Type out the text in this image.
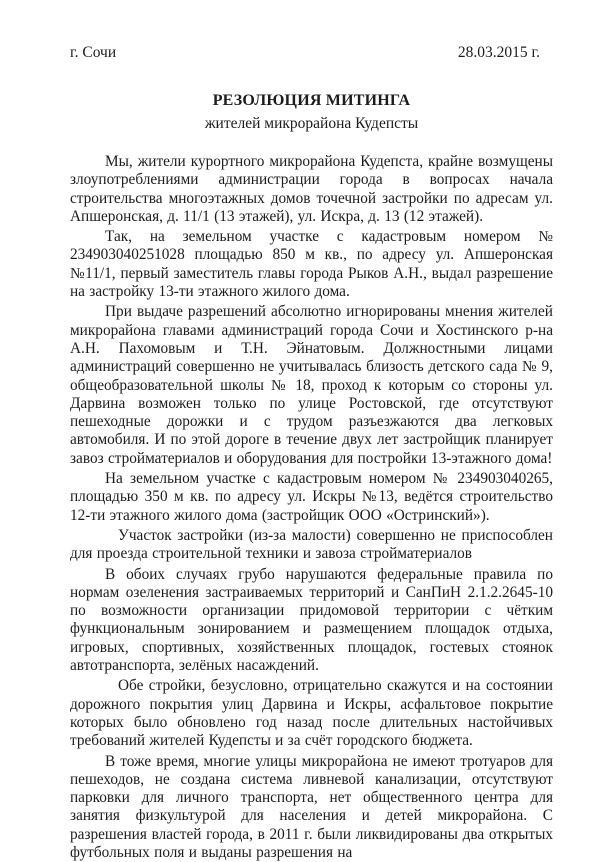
г. Сочи	28.03.2015 г.
РЕЗОЛЮЦИЯ МИТИНГА
жителей микрорайона Кудепсты

Мы, жители курортного микрорайона Кудепста, крайне возмущены злоупотреблениями администрации города в вопросах начала строительства многоэтажных домов точечной застройки по адресам ул. Апшеронская, д. 11/1 (13 этажей), ул. Искра, д. 13 (12 этажей).

Так, на земельном участке с кадастровым номером № 234903040251028 площадью 850 м кв., по адресу ул. Апшеронская №11/1, первый заместитель главы города Рыков А.Н., выдал разрешение на застройку 13-ти этажного жилого дома.

При выдаче разрешений абсолютно игнорированы мнения жителей микрорайона главами администраций города Сочи и Хостинского р-на А.Н. Пахомовым и Т.Н. Эйнатовым. Должностными лицами администраций совершенно не учитывалась близость детского сада № 9, общеобразовательной школы № 18, проход к которым со стороны ул. Дарвина возможен только по улице Ростовской, где отсутствуют пешеходные дорожки и с трудом разъезжаются два легковых автомобиля. И по этой дороге в течение двух лет застройщик планирует завоз стройматериалов и оборудования для постройки 13-этажного дома!

На земельном участке с кадастровым номером № 234903040265, площадью 350 м кв. по адресу ул. Искры №13, ведётся строительство 12-ти этажного жилого дома (застройщик ООО «Остринский»).

Участок застройки (из-за малости) совершенно не приспособлен для проезда строительной техники и завоза стройматериалов

В обоих случаях грубо нарушаются федеральные правила по нормам озеленения застраиваемых территорий и СанПиН 2.1.2.2645-10 по возможности организации придомовой территории с чётким функциональным зонированием и размещением площадок отдыха, игровых, спортивных, хозяйственных площадок, гостевых стоянок автотранспорта, зелёных насаждений.

Обе стройки, безусловно, отрицательно скажутся и на состоянии дорожного покрытия улиц Дарвина и Искры, асфальтовое покрытие которых было обновлено год назад после длительных настойчивых требований жителей Кудепсты и за счёт городского бюджета.

В тоже время, многие улицы микрорайона не имеют тротуаров для пешеходов, не создана система ливневой канализации, отсутствуют парковки для личного транспорта, нет общественного центра для занятия физкультурой для населения и детей микрорайона. С разрешения властей города, в 2011 г. были ликвидированы два открытых футбольных поля и выданы разрешения на
